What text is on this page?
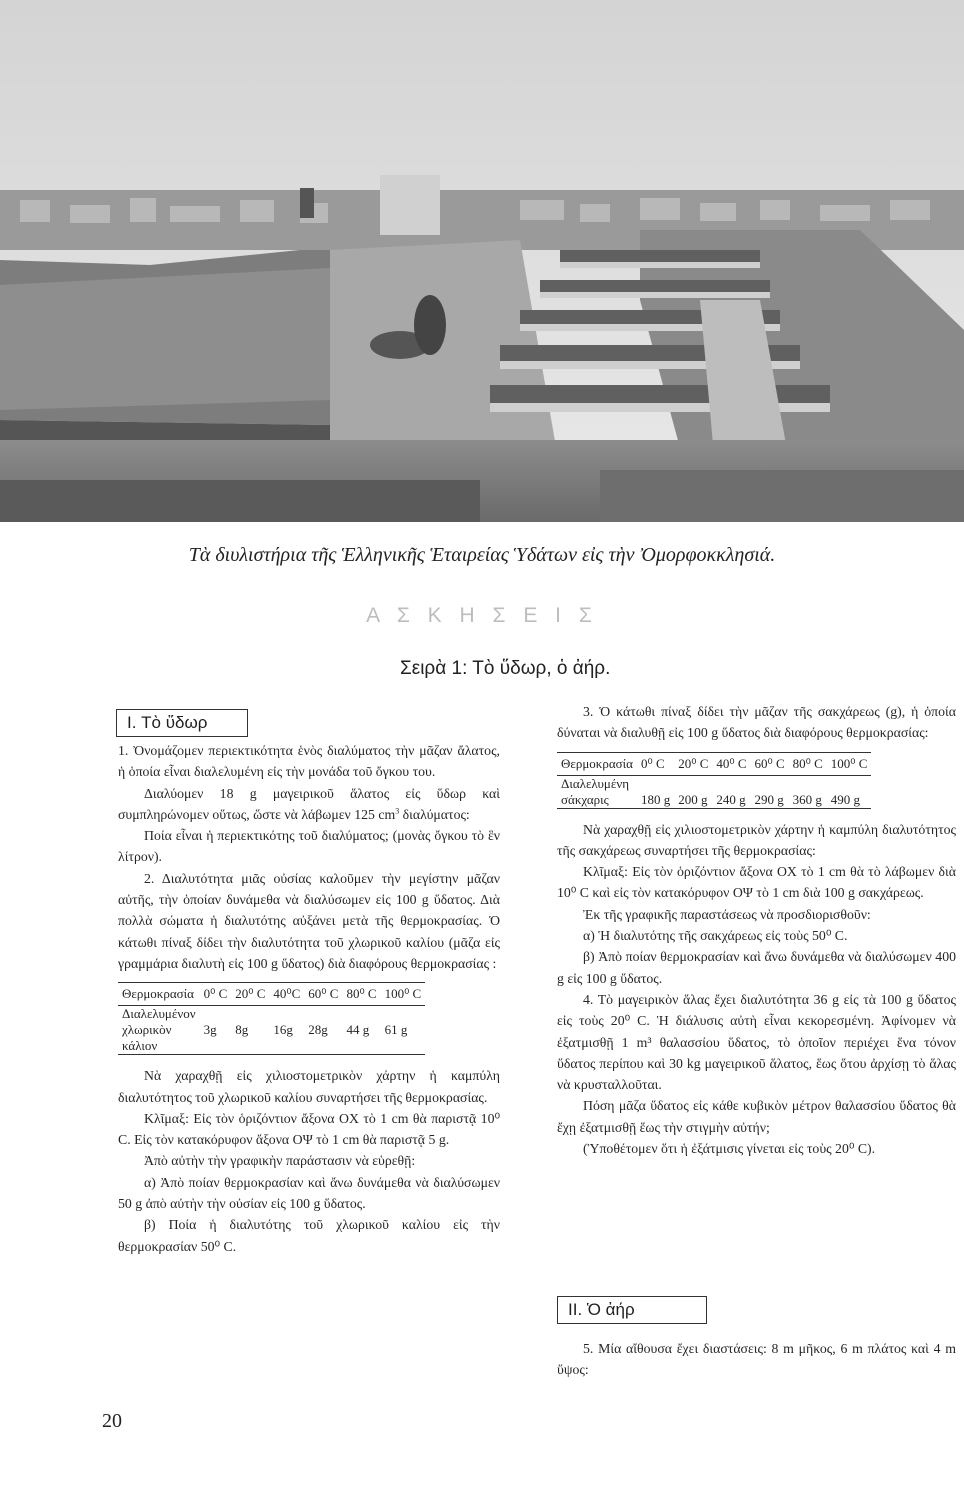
Τὰ διυλιστήρια τῆς Ἑλληνικῆς Ἑταιρείας Ὑδάτων εἰς τὴν Ὀμορφοκκλησιά.
Α Σ Κ Η Σ Ε Ι Σ
Σειρὰ 1: Τὸ ὕδωρ, ὁ ἀήρ.
I. Τὸ ὕδωρ

1. Ὀνομάζομεν περιεκτικότητα ἑνὸς διαλύματος τὴν μᾶζαν ἄλατος, ἡ ὁποία εἶναι διαλελυμένη εἰς τὴν μονάδα τοῦ ὄγκου του.

Διαλύομεν 18 g μαγειρικοῦ ἅλατος εἰς ὕδωρ καὶ συμπληρώνομεν οὕτως, ὥστε νὰ λάβωμεν 125 $cm^3$ διαλύματος:

Ποία εἶναι ἡ περιεκτικότης τοῦ διαλύματος; (μονὰς ὄγκου τὸ ἓν λίτρον).

2. Διαλυτότητα μιᾶς οὐσίας καλοῦμεν τὴν μεγίστην μᾶζαν αὐτῆς, τὴν ὁποίαν δυνάμεθα νὰ διαλύσωμεν εἰς 100 g ὕδατος. Διὰ πολλὰ σώματα ἡ διαλυτότης αὐξάνει μετὰ τῆς θερμοκρασίας. Ὁ κάτωθι πίναξ δίδει τὴν διαλυτότητα τοῦ χλωρικοῦ καλίου (μᾶζα εἰς γραμμάρια διαλυτὴ εἰς 100 g ὕδατος) διὰ διαφόρους θερμοκρασίας :

Θερμοκρασία	0⁰ C	20⁰ C	40⁰C	60⁰ C	80⁰ C	100⁰ C
Διαλελυμένον						
χλωρικὸν	3g	8g	16g	28g	44 g	61 g
κάλιον						

Νὰ χαραχθῇ εἰς χιλιοστομετρικὸν χάρτην ἡ καμπύλη διαλυτότητος τοῦ χλωρικοῦ καλίου συναρτήσει τῆς θερμοκρασίας.

Κλῖμαξ: Εἰς τὸν ὁριζόντιον ἄξονα ΟΧ τὸ 1 cm θὰ παριστᾷ 10⁰ C. Εἰς τὸν κατακόρυφον ἄξονα ΟΨ τὸ 1 cm θὰ παριστᾷ 5 g.

Ἀπὸ αὐτὴν τὴν γραφικὴν παράστασιν νὰ εὑρεθῇ:

α) Ἀπὸ ποίαν θερμοκρασίαν καὶ ἄνω δυνάμεθα νὰ διαλύσωμεν 50 g ἀπὸ αὐτὴν τὴν οὐσίαν εἰς 100 g ὕδατος.

β) Ποία ἡ διαλυτότης τοῦ χλωρικοῦ καλίου εἰς τὴν θερμοκρασίαν 50⁰ C.

3. Ὁ κάτωθι πίναξ δίδει τὴν μᾶζαν τῆς σακχάρεως (g), ἡ ὁποία δύναται νὰ διαλυθῇ εἰς 100 g ὕδατος διὰ διαφόρους θερμοκρασίας:

Θερμοκρασία	0⁰ C	20⁰ C	40⁰ C	60⁰ C	80⁰ C	100⁰ C
Διαλελυμένη						
σάκχαρις	180 g	200 g	240 g	290 g	360 g	490 g

Νὰ χαραχθῇ εἰς χιλιοστομετρικὸν χάρτην ἡ καμπύλη διαλυτότητος τῆς σακχάρεως συναρτήσει τῆς θερμοκρασίας:

Κλῖμαξ: Εἰς τὸν ὁριζόντιον ἄξονα ΟΧ τὸ 1 cm θὰ τὸ λάβωμεν διὰ 10⁰ C καὶ εἰς τὸν κατακόρυφον ΟΨ τὸ 1 cm διὰ 100 g σακχάρεως.

Ἐκ τῆς γραφικῆς παραστάσεως νὰ προσδιορισθοῦν:

α) Ἡ διαλυτότης τῆς σακχάρεως εἰς τοὺς 50⁰ C.

β) Ἀπὸ ποίαν θερμοκρασίαν καὶ ἄνω δυνάμεθα νὰ διαλύσωμεν 400 g εἰς 100 g ὕδατος.

4. Τὸ μαγειρικὸν ἅλας ἔχει διαλυτότητα 36 g εἰς τὰ 100 g ὕδατος εἰς τοὺς 20⁰ C. Ἡ διάλυσις αὐτὴ εἶναι κεκορεσμένη. Ἀφίνομεν νὰ ἐξατμισθῇ 1 m³ θαλασσίου ὕδατος, τὸ ὁποῖον περιέχει ἕνα τόνον ὕδατος περίπου καὶ 30 kg μαγειρικοῦ ἅλατος, ἕως ὅτου ἀρχίσῃ τὸ ἅλας νὰ κρυσταλλοῦται.

Πόση μᾶζα ὕδατος εἰς κάθε κυβικὸν μέτρον θαλασσίου ὕδατος θὰ ἔχῃ ἐξατμισθῇ ἕως τὴν στιγμὴν αὐτήν;

(Ὑποθέτομεν ὅτι ἡ ἐξάτμισις γίνεται εἰς τοὺς 20⁰ C).

II. Ὁ ἀήρ

5. Μία αἴθουσα ἔχει διαστάσεις: 8 m μῆκος, 6 m πλάτος καὶ 4 m ὕψος:

20
